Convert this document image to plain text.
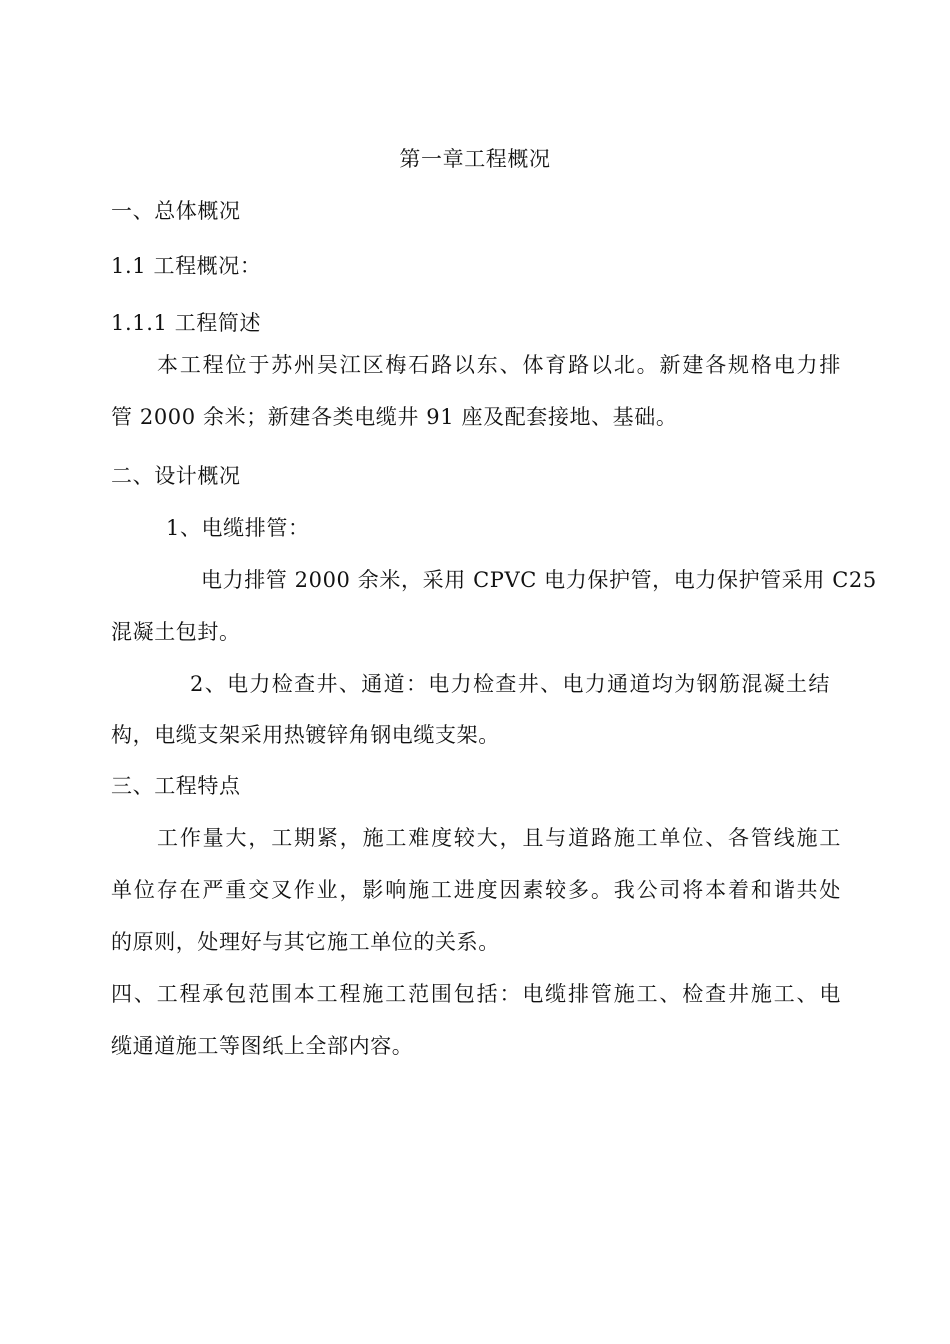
第一章工程概况
一、总体概况
1.1 工程概况：
1.1.1 工程简述
本工程位于苏州吴江区梅石路以东、体育路以北。新建各规格电力排
管 2000 余米；新建各类电缆井 91 座及配套接地、基础。
二、设计概况
1、电缆排管：
电力排管 2000 余米，采用 CPVC 电力保护管，电力保护管采用 C25
混凝土包封。
2、电力检查井、通道：电力检查井、电力通道均为钢筋混凝土结
构，电缆支架采用热镀锌角钢电缆支架。
三、工程特点
工作量大，工期紧，施工难度较大，且与道路施工单位、各管线施工
单位存在严重交叉作业，影响施工进度因素较多。我公司将本着和谐共处
的原则，处理好与其它施工单位的关系。
四、工程承包范围本工程施工范围包括：电缆排管施工、检查井施工、电
缆通道施工等图纸上全部内容。
